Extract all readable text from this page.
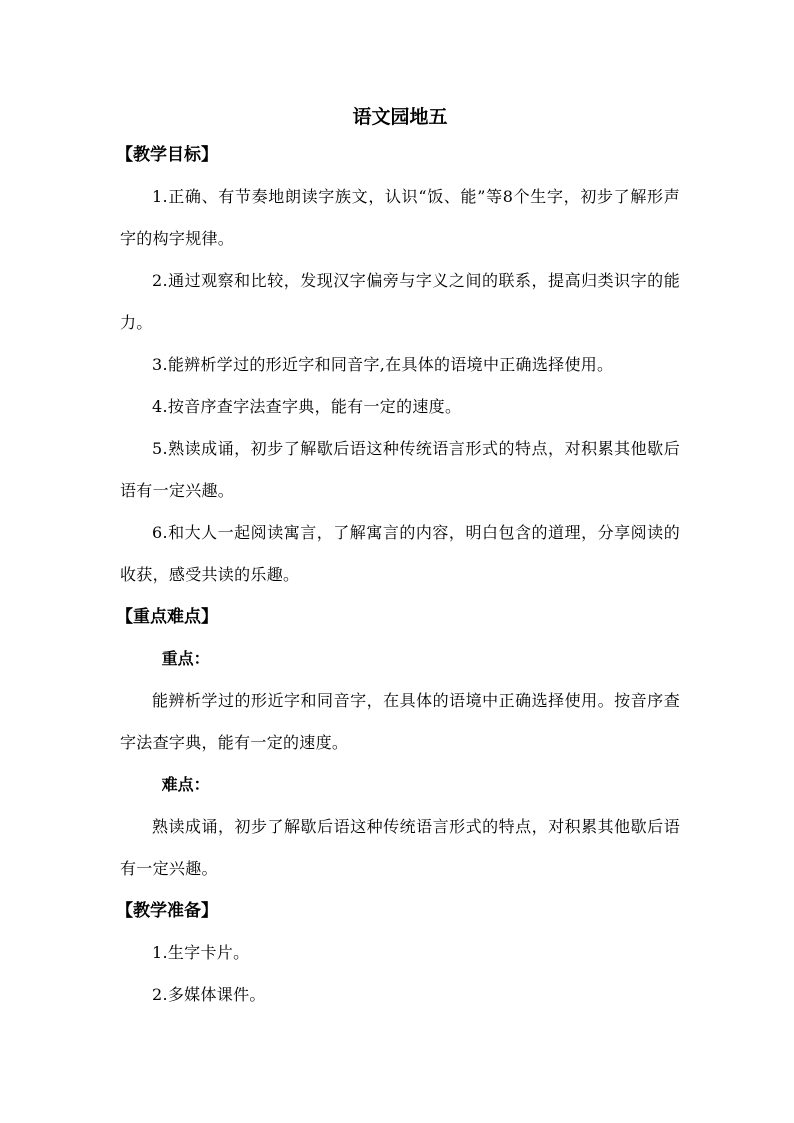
语文园地五

【教学目标】

1.正确、有节奏地朗读字族文，认识“饭、能”等8个生字，初步了解形声字的构字规律。

2.通过观察和比较，发现汉字偏旁与字义之间的联系，提高归类识字的能力。

3.能辨析学过的形近字和同音字,在具体的语境中正确选择使用。

4.按音序查字法查字典，能有一定的速度。

5.熟读成诵，初步了解歇后语这种传统语言形式的特点，对积累其他歇后语有一定兴趣。

6.和大人一起阅读寓言，了解寓言的内容，明白包含的道理，分享阅读的收获，感受共读的乐趣。

【重点难点】

重点：

能辨析学过的形近字和同音字，在具体的语境中正确选择使用。按音序查字法查字典，能有一定的速度。

难点：

熟读成诵，初步了解歇后语这种传统语言形式的特点，对积累其他歇后语有一定兴趣。

【教学准备】

1.生字卡片。

2.多媒体课件。
